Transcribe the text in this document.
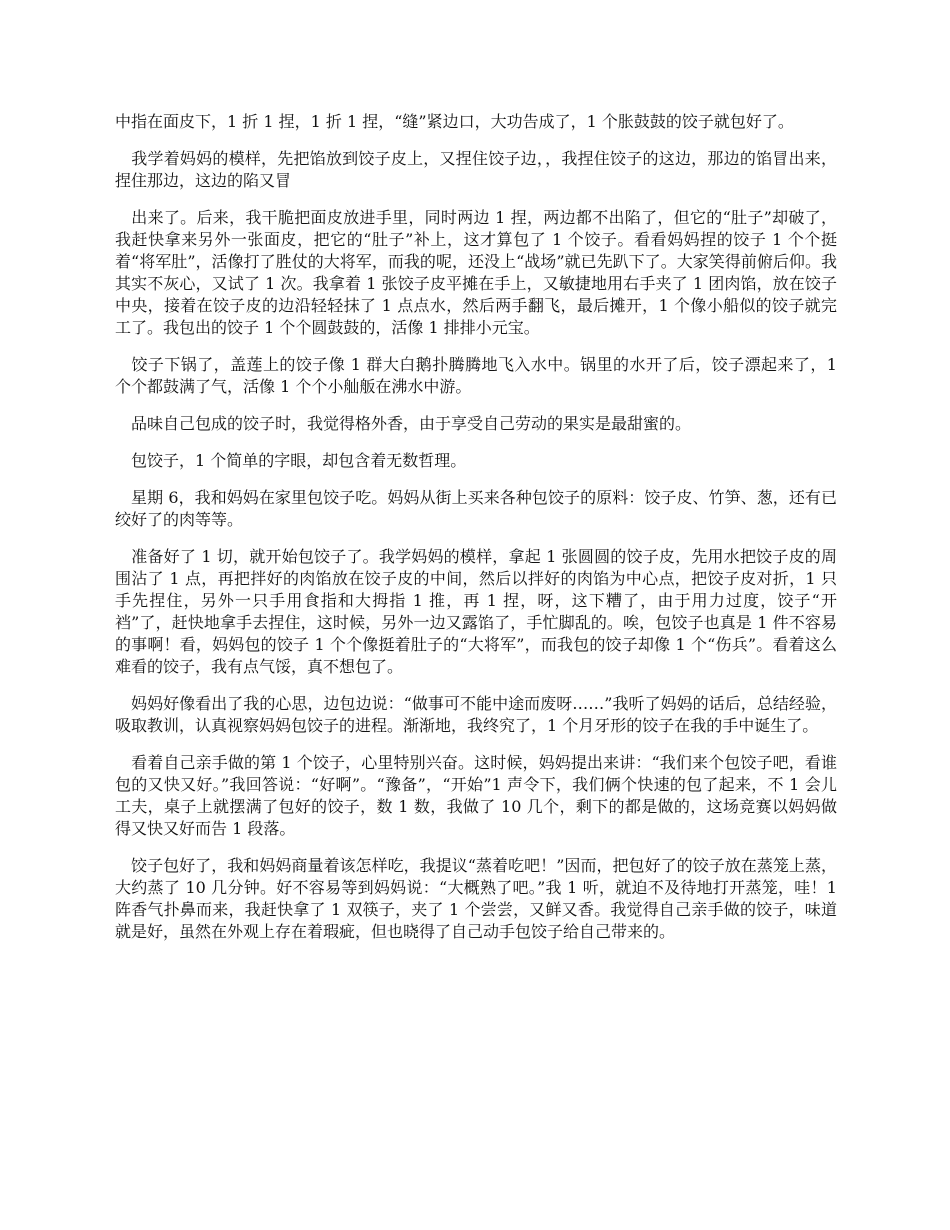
中指在面皮下，1 折 1 捏，1 折 1 捏，“缝”紧边口，大功告成了，1 个胀鼓鼓的饺子就包好了。

　我学着妈妈的模样，先把馅放到饺子皮上，又捏住饺子边，，我捏住饺子的这边，那边的馅冒出来，捏住那边，这边的陷又冒

　出来了。后来，我干脆把面皮放进手里，同时两边 1 捏，两边都不出陷了，但它的“肚子”却破了，我赶快拿来另外一张面皮，把它的“肚子”补上，这才算包了 1 个饺子。看看妈妈捏的饺子 1 个个挺着“将军肚”，活像打了胜仗的大将军，而我的呢，还没上“战场”就已先趴下了。大家笑得前俯后仰。我其实不灰心，又试了 1 次。我拿着 1 张饺子皮平摊在手上，又敏捷地用右手夹了 1 团肉馅，放在饺子中央，接着在饺子皮的边沿轻轻抹了 1 点点水，然后两手翻飞，最后摊开，1 个像小船似的饺子就完工了。我包出的饺子 1 个个圆鼓鼓的，活像 1 排排小元宝。

　饺子下锅了，盖莲上的饺子像 1 群大白鹅扑腾腾地飞入水中。锅里的水开了后，饺子漂起来了，1 个个都鼓满了气，活像 1 个个小舢舨在沸水中游。

　品味自己包成的饺子时，我觉得格外香，由于享受自己劳动的果实是最甜蜜的。

　包饺子，1 个简单的字眼，却包含着无数哲理。

　星期 6，我和妈妈在家里包饺子吃。妈妈从街上买来各种包饺子的原料：饺子皮、竹笋、葱，还有已绞好了的肉等等。

　准备好了 1 切，就开始包饺子了。我学妈妈的模样，拿起 1 张圆圆的饺子皮，先用水把饺子皮的周围沾了 1 点，再把拌好的肉馅放在饺子皮的中间，然后以拌好的肉馅为中心点，把饺子皮对折，1 只手先捏住，另外一只手用食指和大拇指 1 推，再 1 捏，呀，这下糟了，由于用力过度，饺子“开裆”了，赶快地拿手去捏住，这时候，另外一边又露馅了，手忙脚乱的。唉，包饺子也真是 1 件不容易的事啊！看，妈妈包的饺子 1 个个像挺着肚子的“大将军”，而我包的饺子却像 1 个“伤兵”。看着这么难看的饺子，我有点气馁，真不想包了。

　妈妈好像看出了我的心思，边包边说：“做事可不能中途而废呀……”我听了妈妈的话后，总结经验，吸取教训，认真视察妈妈包饺子的进程。渐渐地，我终究了，1 个月牙形的饺子在我的手中诞生了。

　看着自己亲手做的第 1 个饺子，心里特别兴奋。这时候，妈妈提出来讲：“我们来个包饺子吧，看谁包的又快又好。”我回答说：“好啊”。“豫备”，“开始”1 声令下，我们俩个快速的包了起来，不 1 会儿工夫，桌子上就摆满了包好的饺子，数 1 数，我做了 10 几个，剩下的都是做的，这场竞赛以妈妈做得又快又好而告 1 段落。

　饺子包好了，我和妈妈商量着该怎样吃，我提议“蒸着吃吧！”因而，把包好了的饺子放在蒸笼上蒸，大约蒸了 10 几分钟。好不容易等到妈妈说：“大概熟了吧。”我 1 听，就迫不及待地打开蒸笼，哇！1 阵香气扑鼻而来，我赶快拿了 1 双筷子，夹了 1 个尝尝，又鲜又香。我觉得自己亲手做的饺子，味道就是好，虽然在外观上存在着瑕疵，但也晓得了自己动手包饺子给自己带来的。
